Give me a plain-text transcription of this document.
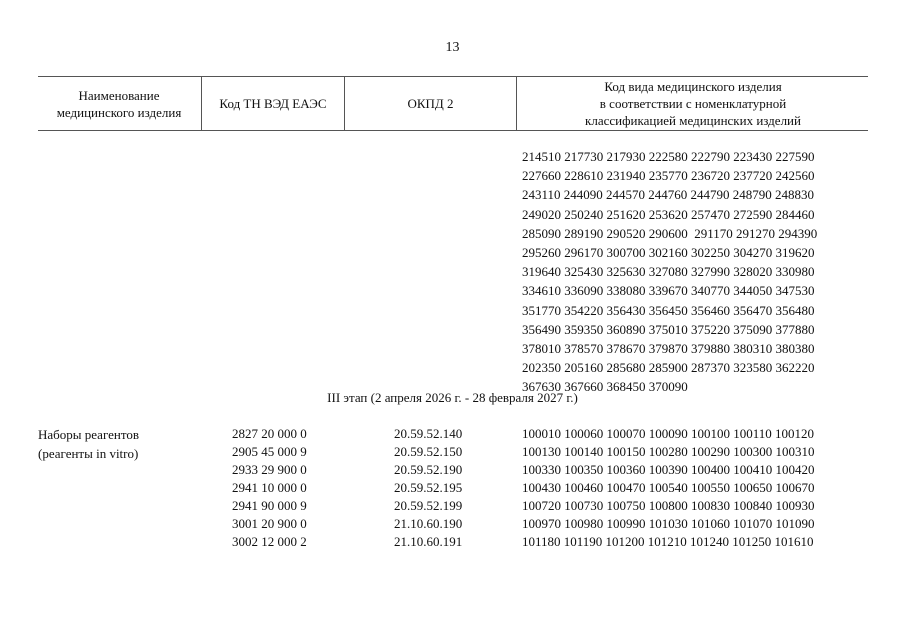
13
Наименование
медицинского изделия
Код ТН ВЭД ЕАЭС	ОКПД 2
Код вида медицинского изделия
в соответствии с номенклатурной
классификацией медицинских изделий
214510 217730 217930 222580 222790 223430 227590
227660 228610 231940 235770 236720 237720 242560
243110 244090 244570 244760 244790 248790 248830
249020 250240 251620 253620 257470 272590 284460
285090 289190 290520 290600  291170 291270 294390
295260 296170 300700 302160 302250 304270 319620
319640 325430 325630 327080 327990 328020 330980
334610 336090 338080 339670 340770 344050 347530
351770 354220 356430 356450 356460 356470 356480
356490 359350 360890 375010 375220 375090 377880
378010 378570 378670 379870 379880 380310 380380
202350 205160 285680 285900 287370 323580 362220
367630 367660 368450 370090
III этап (2 апреля 2026 г. - 28 февраля 2027 г.)
Наборы реагентов
(реагенты in vitro)
2827 20 000 0
2905 45 000 9
2933 29 900 0
2941 10 000 0
2941 90 000 9
3001 20 900 0
3002 12 000 2
20.59.52.140
20.59.52.150
20.59.52.190
20.59.52.195
20.59.52.199
21.10.60.190
21.10.60.191
100010 100060 100070 100090 100100 100110 100120
100130 100140 100150 100280 100290 100300 100310
100330 100350 100360 100390 100400 100410 100420
100430 100460 100470 100540 100550 100650 100670
100720 100730 100750 100800 100830 100840 100930
100970 100980 100990 101030 101060 101070 101090
101180 101190 101200 101210 101240 101250 101610
